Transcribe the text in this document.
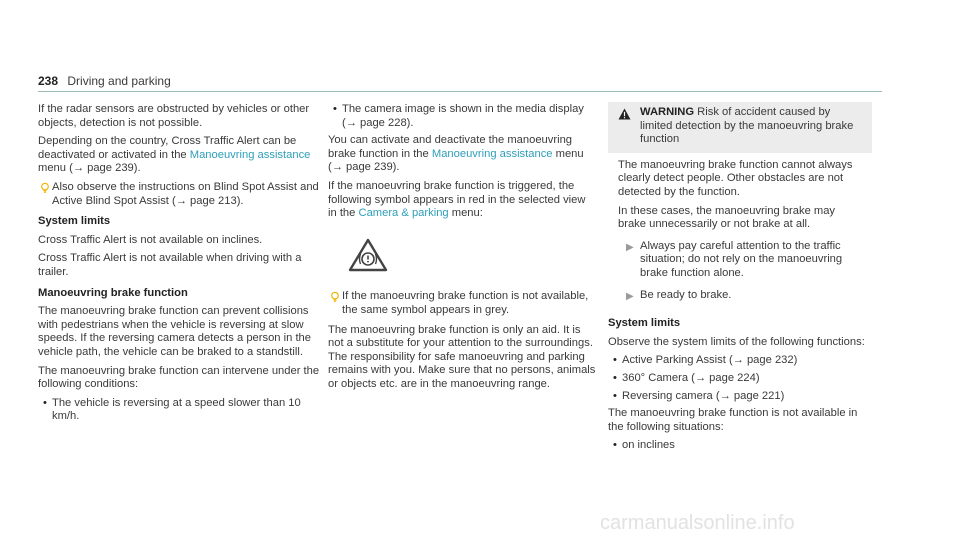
238 Driving and parking

If the radar sensors are obstructed by vehicles or other objects, detection is not possible.

Depending on the country, Cross Traffic Alert can be deactivated or activated in the Manoeuvring assistance menu (→ page 239).

Also observe the instructions on Blind Spot Assist and Active Blind Spot Assist (→ page 213).

System limits

Cross Traffic Alert is not available on inclines.

Cross Traffic Alert is not available when driving with a trailer.

Manoeuvring brake function

The manoeuvring brake function can prevent collisions with pedestrians when the vehicle is reversing at slow speeds. If the reversing camera detects a person in the vehicle path, the vehicle can be braked to a standstill.

The manoeuvring brake function can intervene under the following conditions:

• The vehicle is reversing at a speed slower than 10 km/h.
• The camera image is shown in the media display (→ page 228).

You can activate and deactivate the manoeuvring brake function in the Manoeuvring assistance menu (→ page 239).

If the manoeuvring brake function is triggered, the following symbol appears in red in the selected view in the Camera & parking menu:

If the manoeuvring brake function is not available, the same symbol appears in grey.

The manoeuvring brake function is only an aid. It is not a substitute for your attention to the surroundings. The responsibility for safe manoeuvring and parking remains with you. Make sure that no persons, animals or objects etc. are in the manoeuvring range.

WARNING Risk of accident caused by limited detection by the manoeuvring brake function

The manoeuvring brake function cannot always clearly detect people. Other obstacles are not detected by the function.

In these cases, the manoeuvring brake may brake unnecessarily or not brake at all.

▶ Always pay careful attention to the traffic situation; do not rely on the manoeuvring brake function alone.
▶ Be ready to brake.

System limits

Observe the system limits of the following functions:

• Active Parking Assist (→ page 232)
• 360° Camera (→ page 224)
• Reversing camera (→ page 221)

The manoeuvring brake function is not available in the following situations:

• on inclines
carmanualsonline.info
